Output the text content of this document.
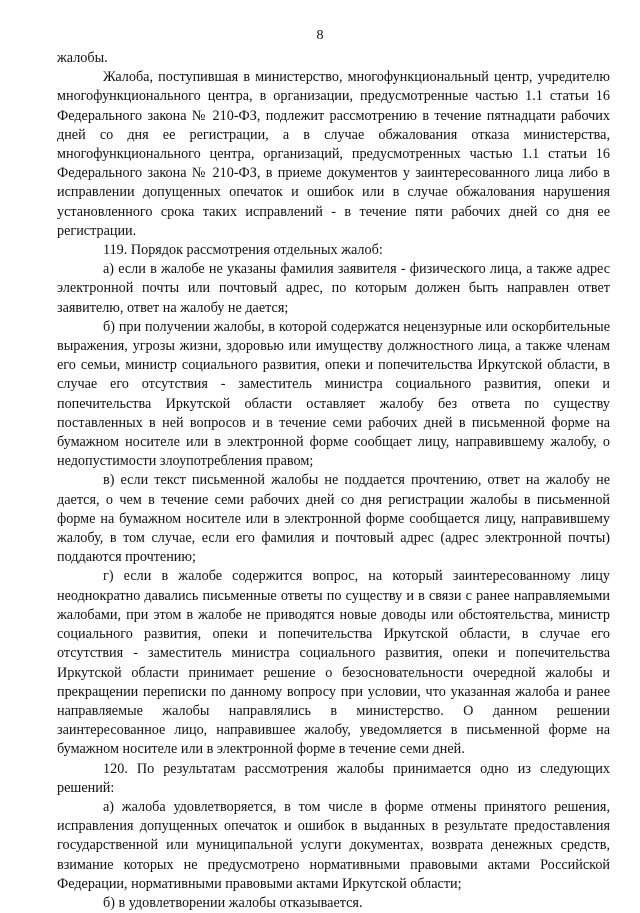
8

жалобы.

Жалоба, поступившая в министерство, многофункциональный центр, учредителю многофункционального центра, в организации, предусмотренные частью 1.1 статьи 16 Федерального закона № 210-ФЗ, подлежит рассмотрению в течение пятнадцати рабочих дней со дня ее регистрации, а в случае обжалования отказа министерства, многофункционального центра, организаций, предусмотренных частью 1.1 статьи 16 Федерального закона № 210-ФЗ, в приеме документов у заинтересованного лица либо в исправлении допущенных опечаток и ошибок или в случае обжалования нарушения установленного срока таких исправлений - в течение пяти рабочих дней со дня ее регистрации.

119. Порядок рассмотрения отдельных жалоб:

а) если в жалобе не указаны фамилия заявителя - физического лица, а также адрес электронной почты или почтовый адрес, по которым должен быть направлен ответ заявителю, ответ на жалобу не дается;

б) при получении жалобы, в которой содержатся нецензурные или оскорбительные выражения, угрозы жизни, здоровью или имуществу должностного лица, а также членам его семьи, министр социального развития, опеки и попечительства Иркутской области, в случае его отсутствия - заместитель министра социального развития, опеки и попечительства Иркутской области оставляет жалобу без ответа по существу поставленных в ней вопросов и в течение семи рабочих дней в письменной форме на бумажном носителе или в электронной форме сообщает лицу, направившему жалобу, о недопустимости злоупотребления правом;

в) если текст письменной жалобы не поддается прочтению, ответ на жалобу не дается, о чем в течение семи рабочих дней со дня регистрации жалобы в письменной форме на бумажном носителе или в электронной форме сообщается лицу, направившему жалобу, в том случае, если его фамилия и почтовый адрес (адрес электронной почты) поддаются прочтению;

г) если в жалобе содержится вопрос, на который заинтересованному лицу неоднократно давались письменные ответы по существу и в связи с ранее направляемыми жалобами, при этом в жалобе не приводятся новые доводы или обстоятельства, министр социального развития, опеки и попечительства Иркутской области, в случае его отсутствия - заместитель министра социального развития, опеки и попечительства Иркутской области принимает решение о безосновательности очередной жалобы и прекращении переписки по данному вопросу при условии, что указанная жалоба и ранее направляемые жалобы направлялись в министерство. О данном решении заинтересованное лицо, направившее жалобу, уведомляется в письменной форме на бумажном носителе или в электронной форме в течение семи дней.

120. По результатам рассмотрения жалобы принимается одно из следующих решений:

а) жалоба удовлетворяется, в том числе в форме отмены принятого решения, исправления допущенных опечаток и ошибок в выданных в результате предоставления государственной или муниципальной услуги документах, возврата денежных средств, взимание которых не предусмотрено нормативными правовыми актами Российской Федерации, нормативными правовыми актами Иркутской области;

б) в удовлетворении жалобы отказывается.
